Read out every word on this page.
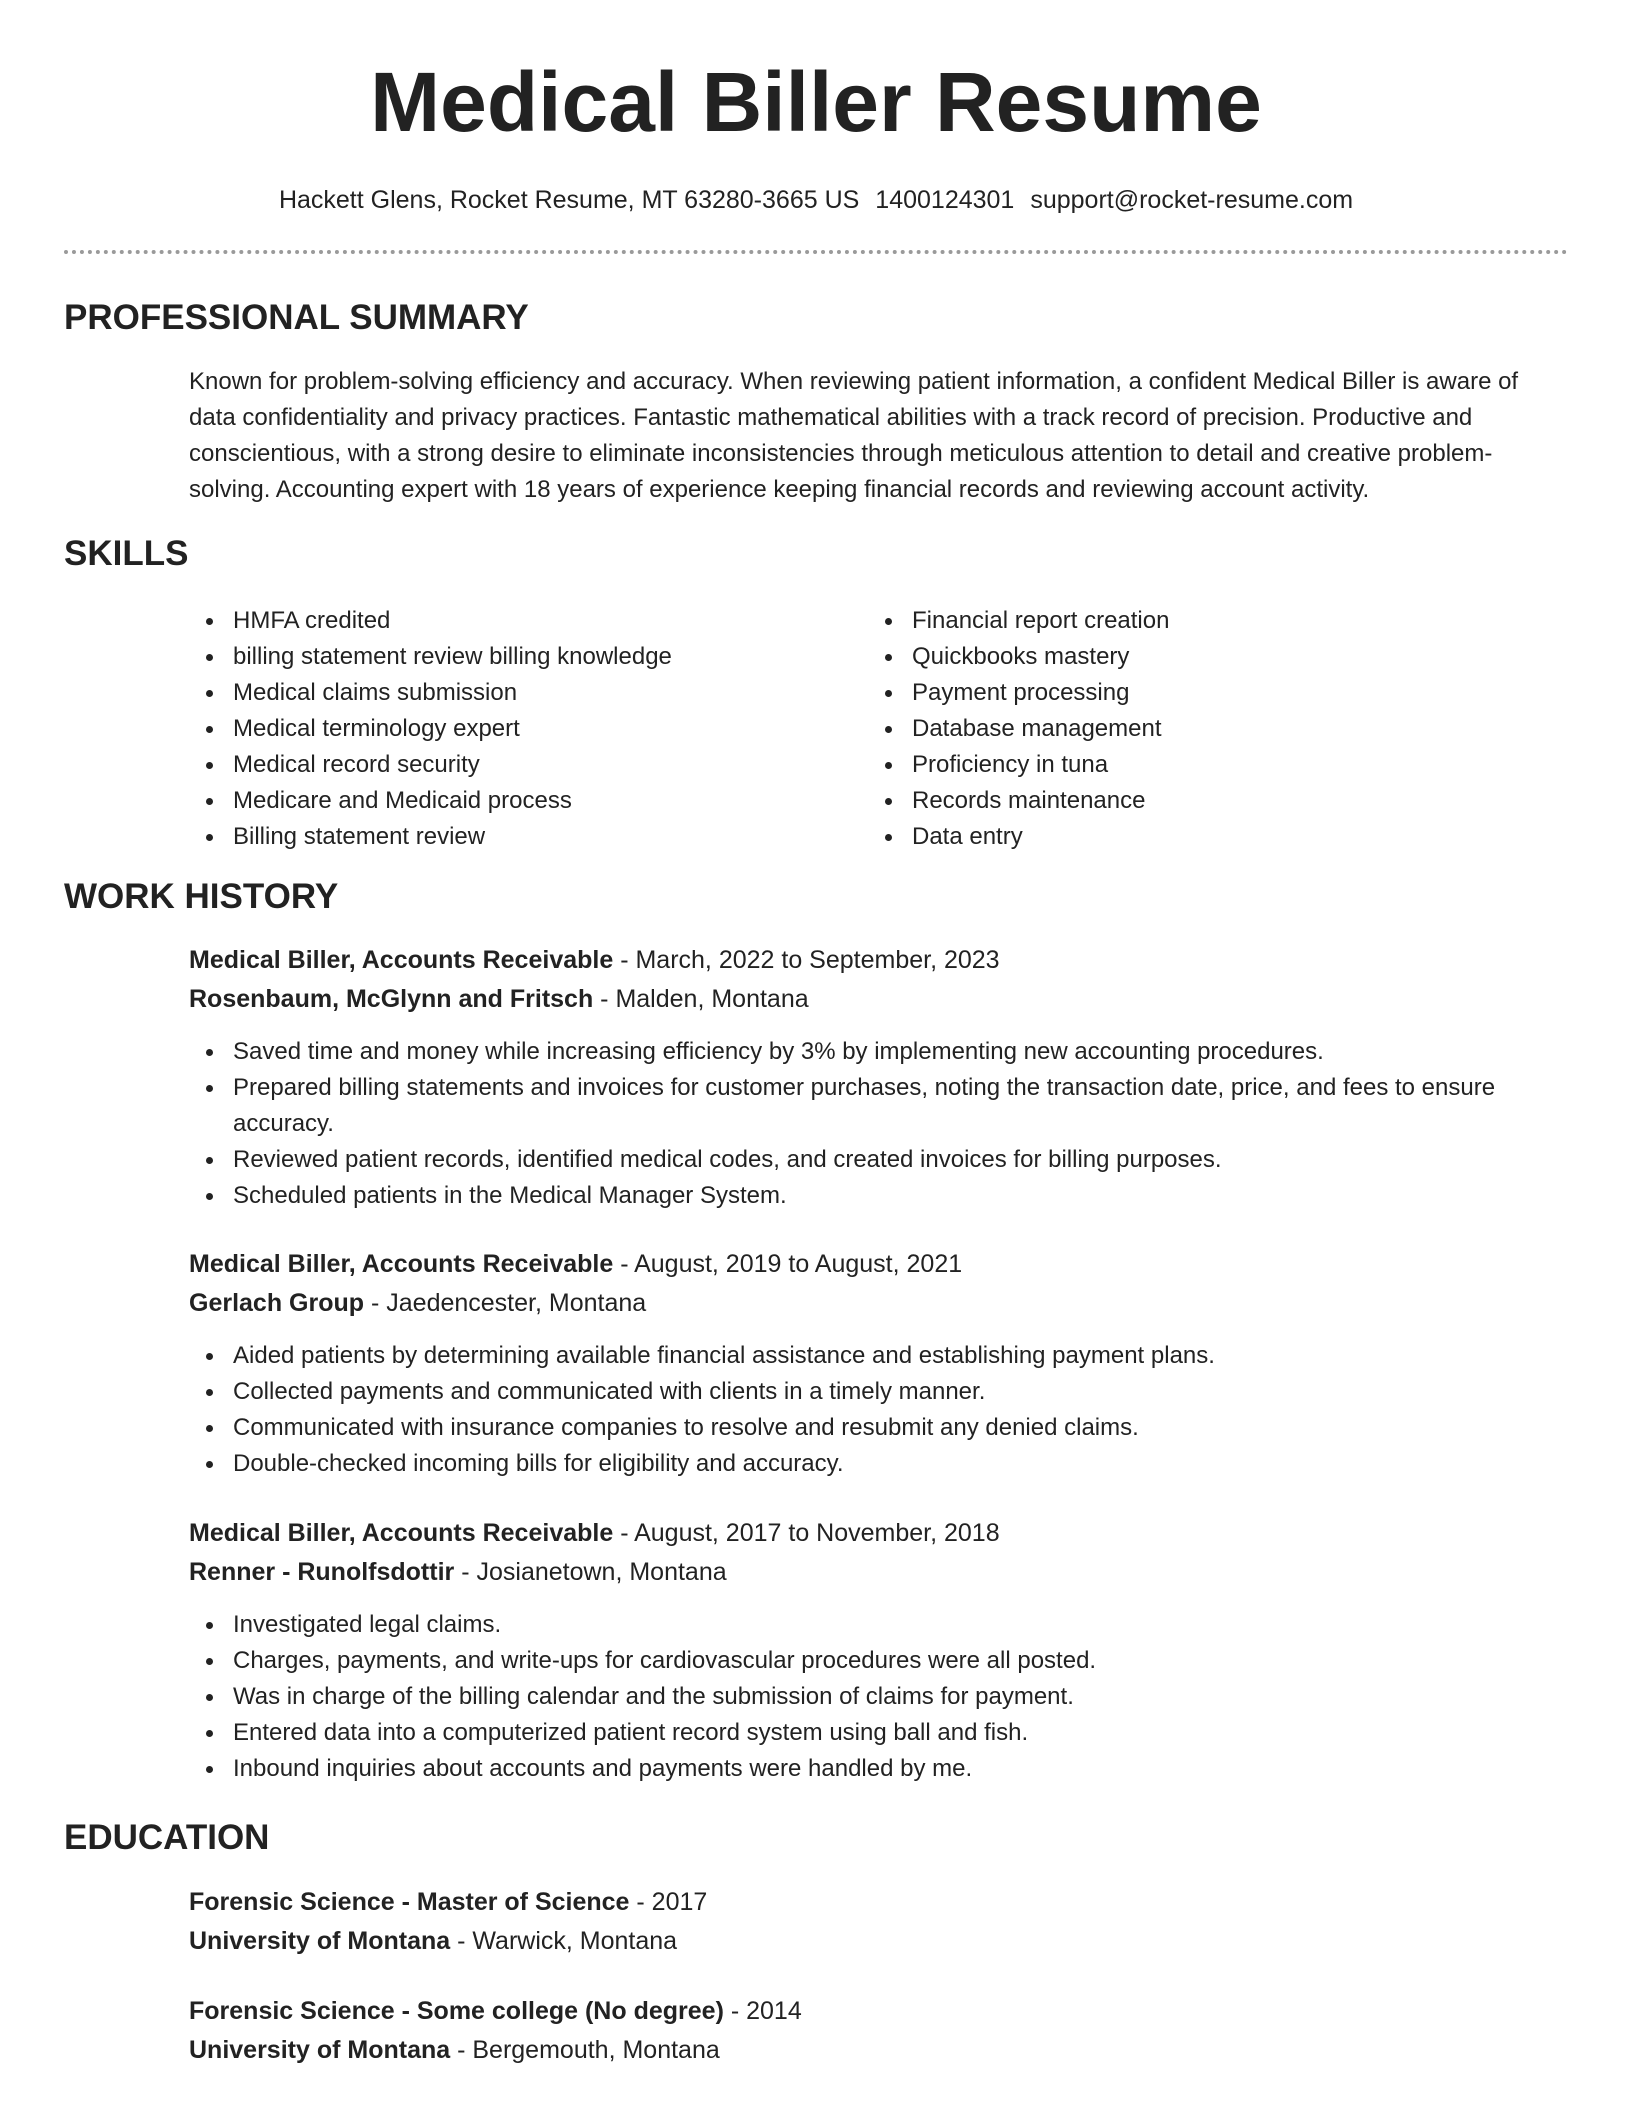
Medical Biller Resume
Hackett Glens, Rocket Resume, MT 63280-3665 US 1400124301 support@rocket-resume.com
PROFESSIONAL SUMMARY

Known for problem-solving efficiency and accuracy. When reviewing patient information, a confident Medical Biller is aware of data confidentiality and privacy practices. Fantastic mathematical abilities with a track record of precision. Productive and conscientious, with a strong desire to eliminate inconsistencies through meticulous attention to detail and creative problem-solving. Accounting expert with 18 years of experience keeping financial records and reviewing account activity.

SKILLS
HMFA credited
billing statement review billing knowledge
Medical claims submission
Medical terminology expert
Medical record security
Medicare and Medicaid process
Billing statement review
Financial report creation
Quickbooks mastery
Payment processing
Database management
Proficiency in tuna
Records maintenance
Data entry
WORK HISTORY
Medical Biller, Accounts Receivable - March, 2022 to September, 2023
Rosenbaum, McGlynn and Fritsch - Malden, Montana
Saved time and money while increasing efficiency by 3% by implementing new accounting procedures.
Prepared billing statements and invoices for customer purchases, noting the transaction date, price, and fees to ensure accuracy.
Reviewed patient records, identified medical codes, and created invoices for billing purposes.
Scheduled patients in the Medical Manager System.
Medical Biller, Accounts Receivable - August, 2019 to August, 2021
Gerlach Group - Jaedencester, Montana
Aided patients by determining available financial assistance and establishing payment plans.
Collected payments and communicated with clients in a timely manner.
Communicated with insurance companies to resolve and resubmit any denied claims.
Double-checked incoming bills for eligibility and accuracy.
Medical Biller, Accounts Receivable - August, 2017 to November, 2018
Renner - Runolfsdottir - Josianetown, Montana
Investigated legal claims.
Charges, payments, and write-ups for cardiovascular procedures were all posted.
Was in charge of the billing calendar and the submission of claims for payment.
Entered data into a computerized patient record system using ball and fish.
Inbound inquiries about accounts and payments were handled by me.
EDUCATION
Forensic Science - Master of Science - 2017
University of Montana - Warwick, Montana
Forensic Science - Some college (No degree) - 2014
University of Montana - Bergemouth, Montana
